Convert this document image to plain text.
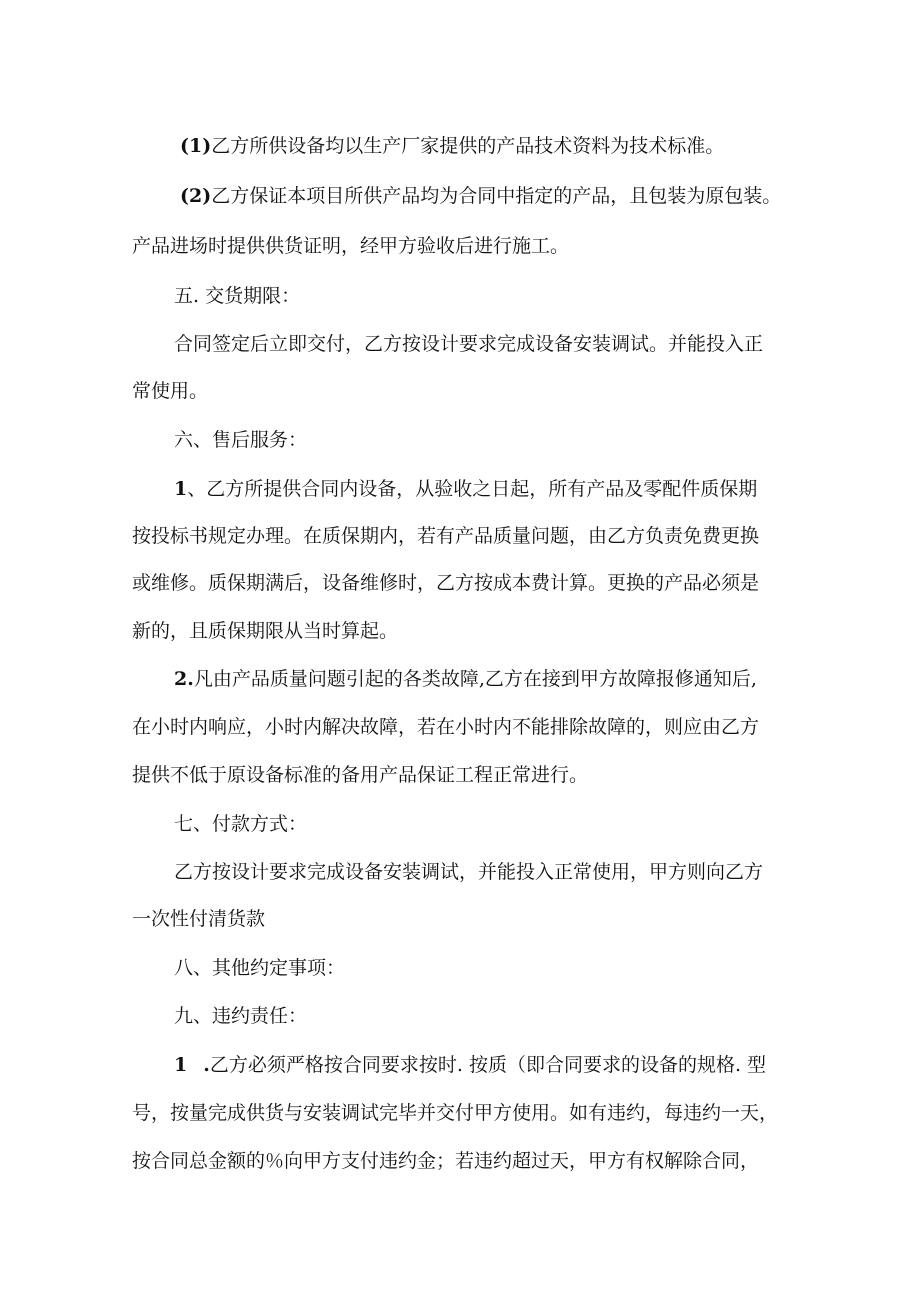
(1)乙方所供设备均以生产厂家提供的产品技术资料为技术标准。
(2)乙方保证本项目所供产品均为合同中指定的产品，且包装为原包装。
产品进场时提供供货证明，经甲方验收后进行施工。
五. 交货期限：
合同签定后立即交付，乙方按设计要求完成设备安装调试。并能投入正
常使用。
六、售后服务：
1、乙方所提供合同内设备，从验收之日起，所有产品及零配件质保期
按投标书规定办理。在质保期内，若有产品质量问题，由乙方负责免费更换
或维修。质保期满后，设备维修时，乙方按成本费计算。更换的产品必须是
新的，且质保期限从当时算起。
2.凡由产品质量问题引起的各类故障,乙方在接到甲方故障报修通知后,
在小时内响应，小时内解决故障，若在小时内不能排除故障的，则应由乙方
提供不低于原设备标准的备用产品保证工程正常进行。
七、付款方式：
乙方按设计要求完成设备安装调试，并能投入正常使用，甲方则向乙方
一次性付清货款
八、其他约定事项：
九、违约责任：
1 .乙方必须严格按合同要求按时. 按质（即合同要求的设备的规格. 型
号，按量完成供货与安装调试完毕并交付甲方使用。如有违约，每违约一天，
按合同总金额的％向甲方支付违约金；若违约超过天，甲方有权解除合同，
